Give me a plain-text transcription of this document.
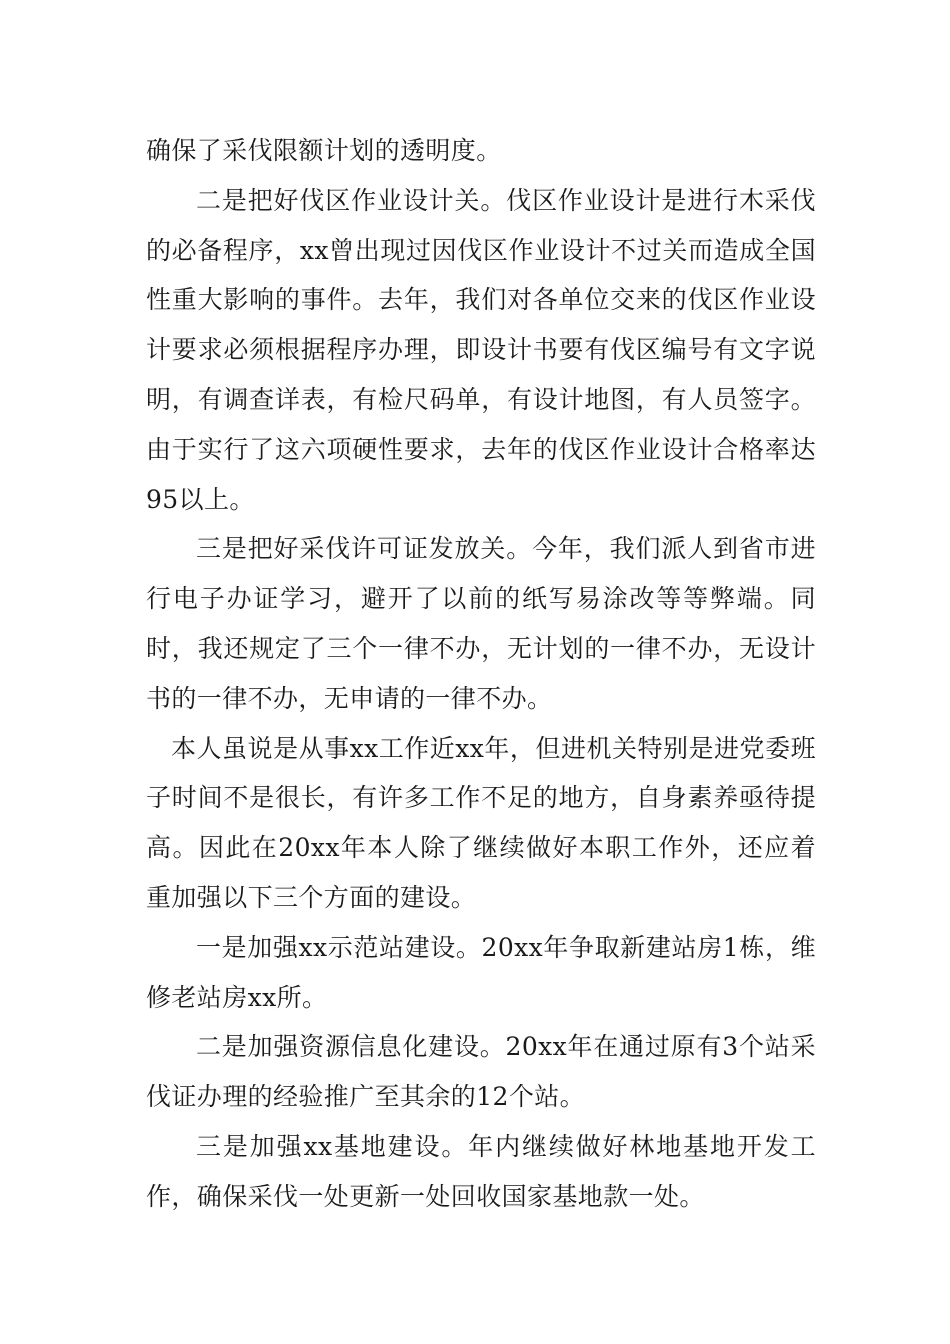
确保了采伐限额计划的透明度。

二是把好伐区作业设计关。伐区作业设计是进行木采伐的必备程序，xx曾出现过因伐区作业设计不过关而造成全国性重大影响的事件。去年，我们对各单位交来的伐区作业设计要求必须根据程序办理，即设计书要有伐区编号有文字说明，有调查详表，有检尺码单，有设计地图，有人员签字。由于实行了这六项硬性要求，去年的伐区作业设计合格率达95以上。

三是把好采伐许可证发放关。今年，我们派人到省市进行电子办证学习，避开了以前的纸写易涂改等等弊端。同时，我还规定了三个一律不办，无计划的一律不办，无设计书的一律不办，无申请的一律不办。

本人虽说是从事xx工作近xx年，但进机关特别是进党委班子时间不是很长，有许多工作不足的地方，自身素养亟待提高。因此在20xx年本人除了继续做好本职工作外，还应着重加强以下三个方面的建设。

一是加强xx示范站建设。20xx年争取新建站房1栋，维修老站房xx所。

二是加强资源信息化建设。20xx年在通过原有3个站采伐证办理的经验推广至其余的12个站。

三是加强xx基地建设。年内继续做好林地基地开发工作，确保采伐一处更新一处回收国家基地款一处。
